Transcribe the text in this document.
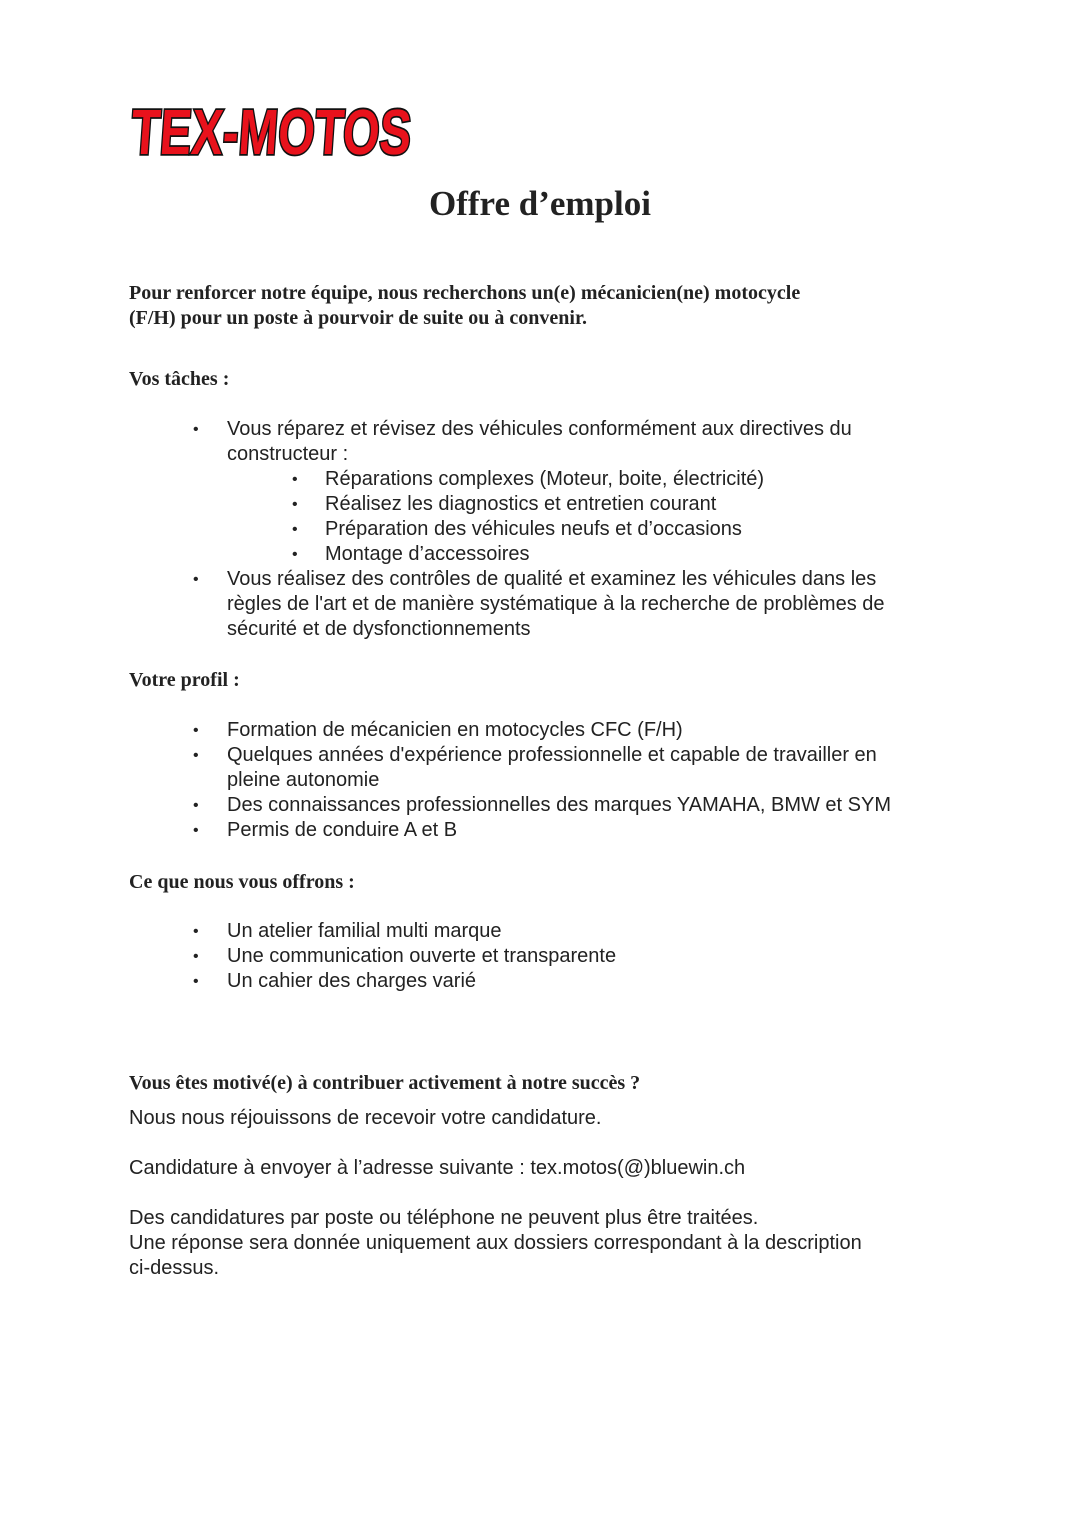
TEX-MOTOS
Offre d’emploi

Pour renforcer notre équipe, nous recherchons un(e) mécanicien(ne) motocycle
(F/H) pour un poste à pourvoir de suite ou à convenir.

Vos tâches :
• Vous réparez et révisez des véhicules conformément aux directives du
constructeur :
• Réparations complexes (Moteur, boite, électricité)
• Réalisez les diagnostics et entretien courant
• Préparation des véhicules neufs et d’occasions
• Montage d’accessoires
• Vous réalisez des contrôles de qualité et examinez les véhicules dans les
règles de l'art et de manière systématique à la recherche de problèmes de
sécurité et de dysfonctionnements
Votre profil :
• Formation de mécanicien en motocycles CFC (F/H)
• Quelques années d'expérience professionnelle et capable de travailler en
pleine autonomie
• Des connaissances professionnelles des marques YAMAHA, BMW et SYM
• Permis de conduire A et B
Ce que nous vous offrons :
• Un atelier familial multi marque
• Une communication ouverte et transparente
• Un cahier des charges varié
Vous êtes motivé(e) à contribuer activement à notre succès ?

Nous nous réjouissons de recevoir votre candidature.

Candidature à envoyer à l’adresse suivante : tex.motos(@)bluewin.ch

Des candidatures par poste ou téléphone ne peuvent plus être traitées.
Une réponse sera donnée uniquement aux dossiers correspondant à la description
ci-dessus.
